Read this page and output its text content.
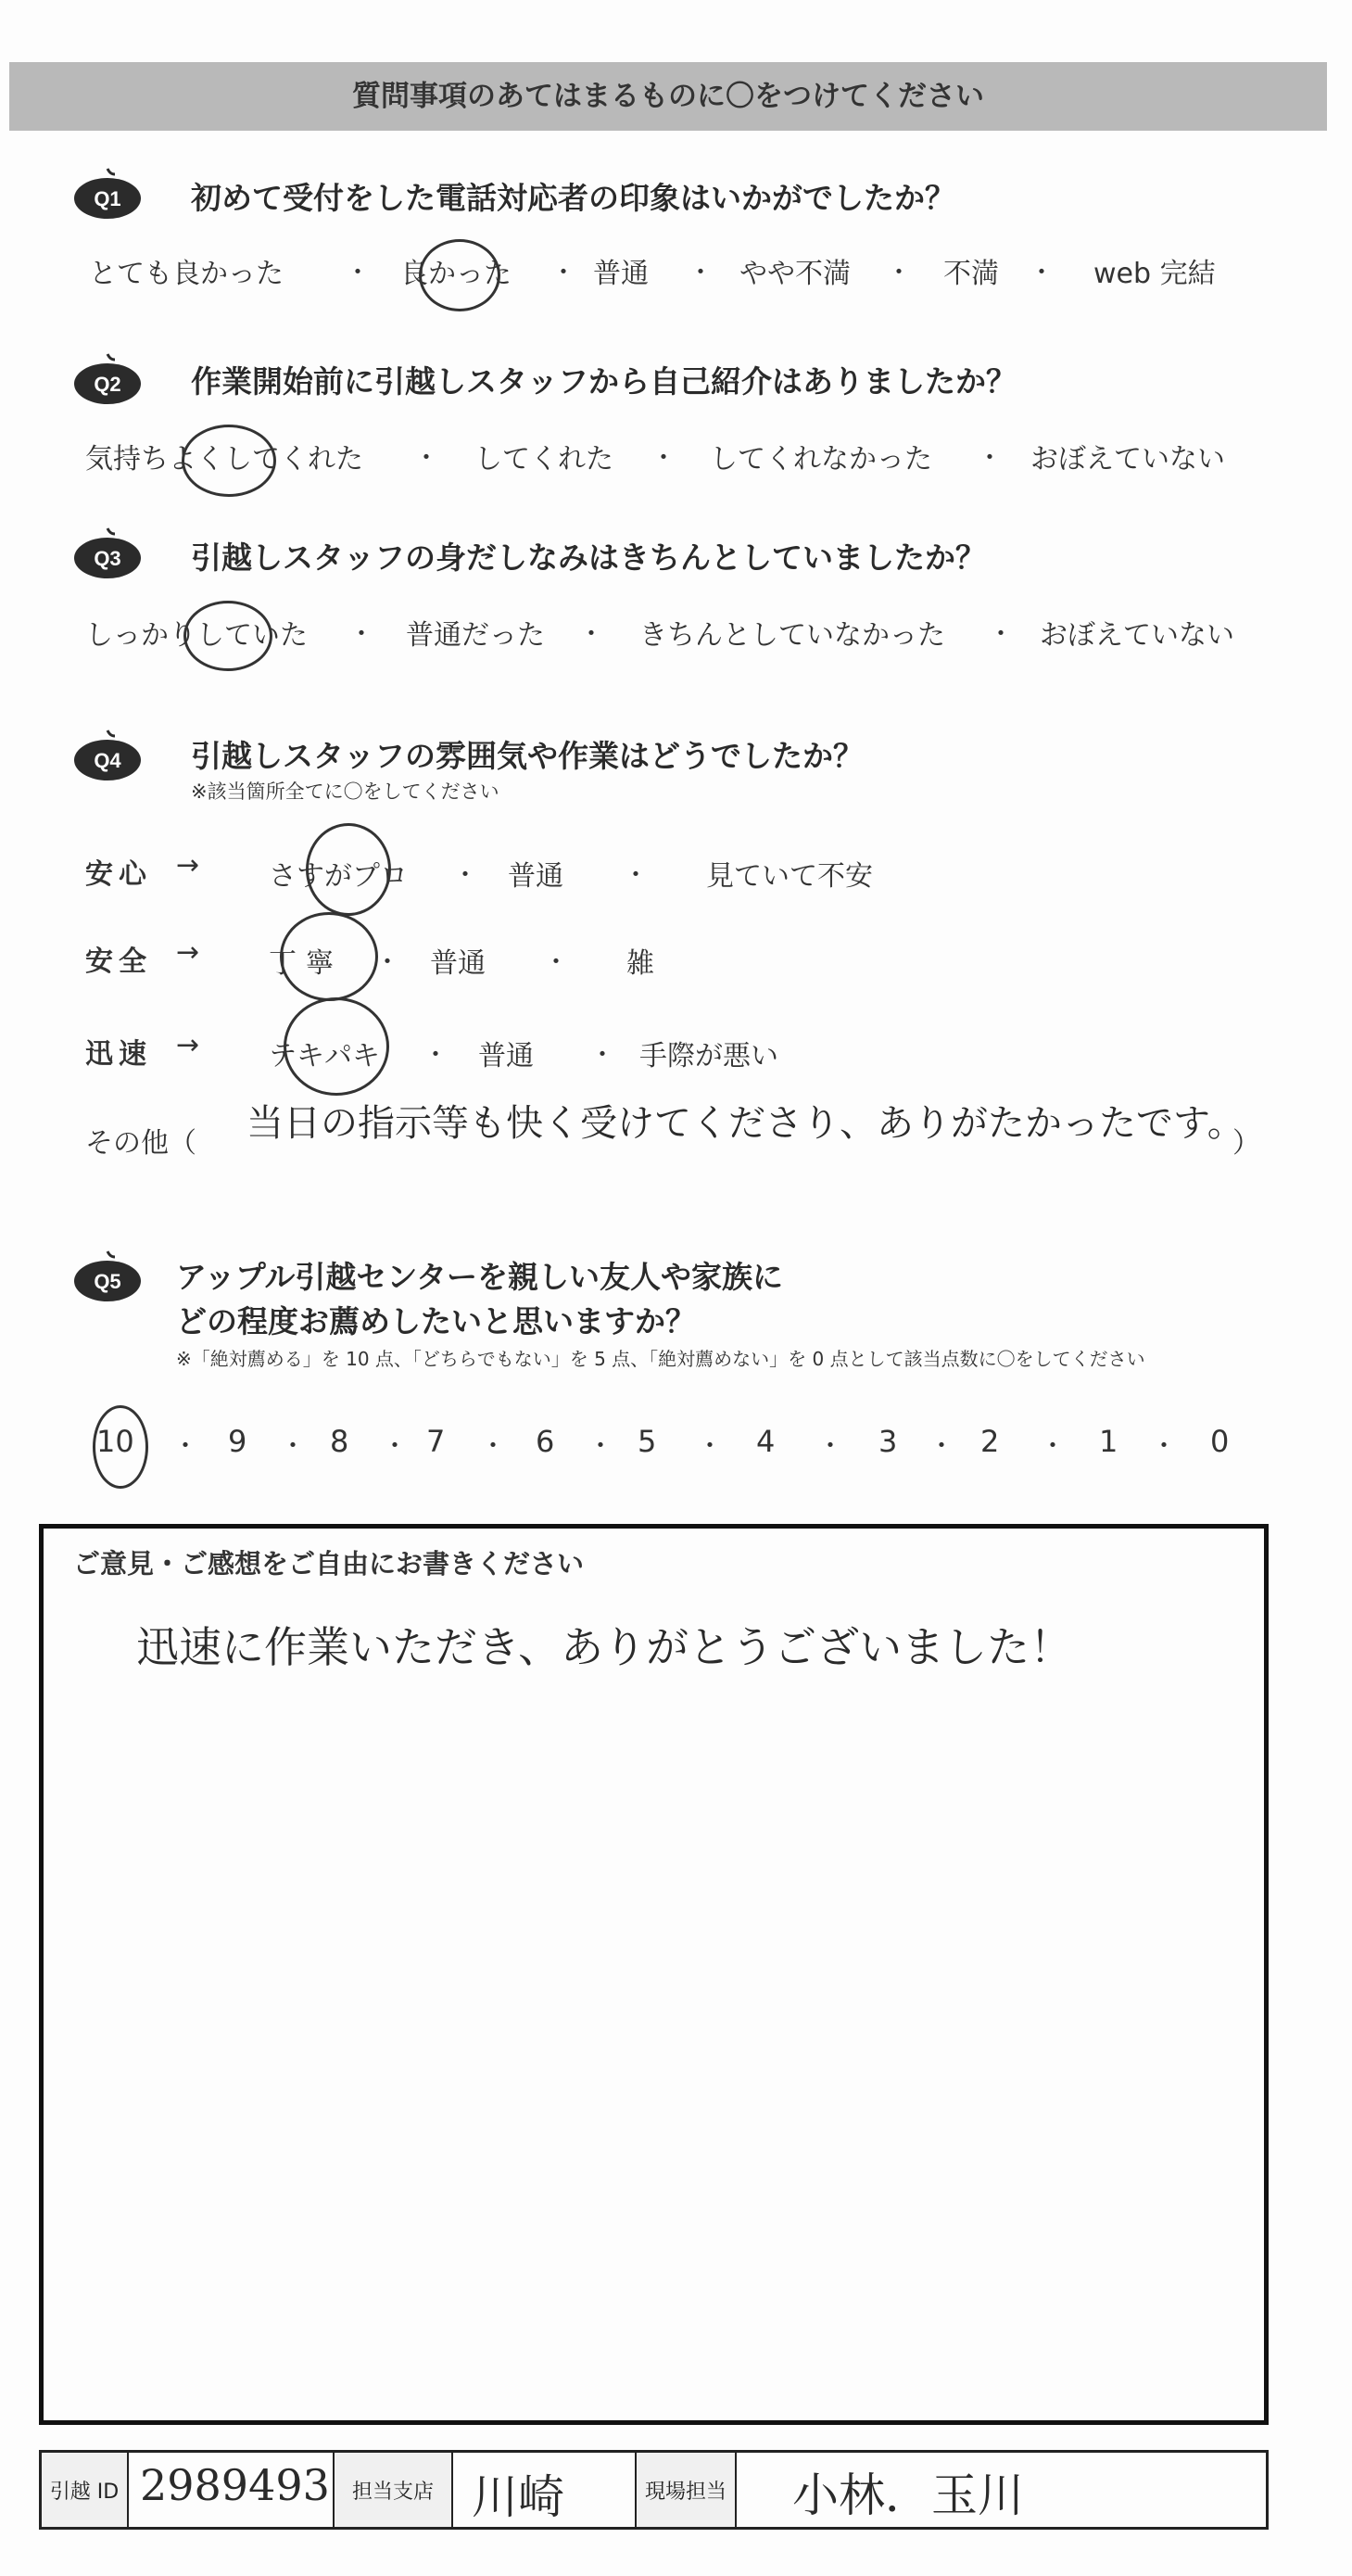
質問事項のあてはまるものに〇をつけてください
Q1 初めて受付をした電話対応者の印象はいかがでしたか？
とても良かった ・ 良かった ・ 普通 ・ やや不満 ・ 不満 ・ web 完結
Q2 作業開始前に引越しスタッフから自己紹介はありましたか？
気持ちよくしてくれた ・ してくれた ・ してくれなかった ・ おぼえていない
Q3 引越しスタッフの身だしなみはきちんとしていましたか？
しっかりしていた ・ 普通だった ・ きちんとしていなかった ・ おぼえていない
Q4 引越しスタッフの雰囲気や作業はどうでしたか？
※該当箇所全てに〇をしてください
安心 → さすがプロ ・ 普通 ・ 見ていて不安
安全 → 丁寧 ・ 普通 ・ 雑
迅速 → テキパキ ・ 普通 ・ 手際が悪い
その他（ 当日の指示等も快く受けてくださり、ありがたかったです。
）
Q5 アップル引越センターを親しい友人や家族に
どの程度お薦めしたいと思いますか？
※「絶対薦める」を 10 点、「どちらでもない」を 5 点、「絶対薦めない」を 0 点として該当点数に〇をしてください
10 ・ 9 ・ 8 ・ 7 ・ 6 ・ 5 ・ 4 ・ 3 ・ 2 ・ 1 ・ 0
ご意見・ご感想をご自由にお書きください
迅速に作業いただき、ありがとうございました！
引越 ID 2989493	担当支店 川崎	現場担当 小林．玉川
